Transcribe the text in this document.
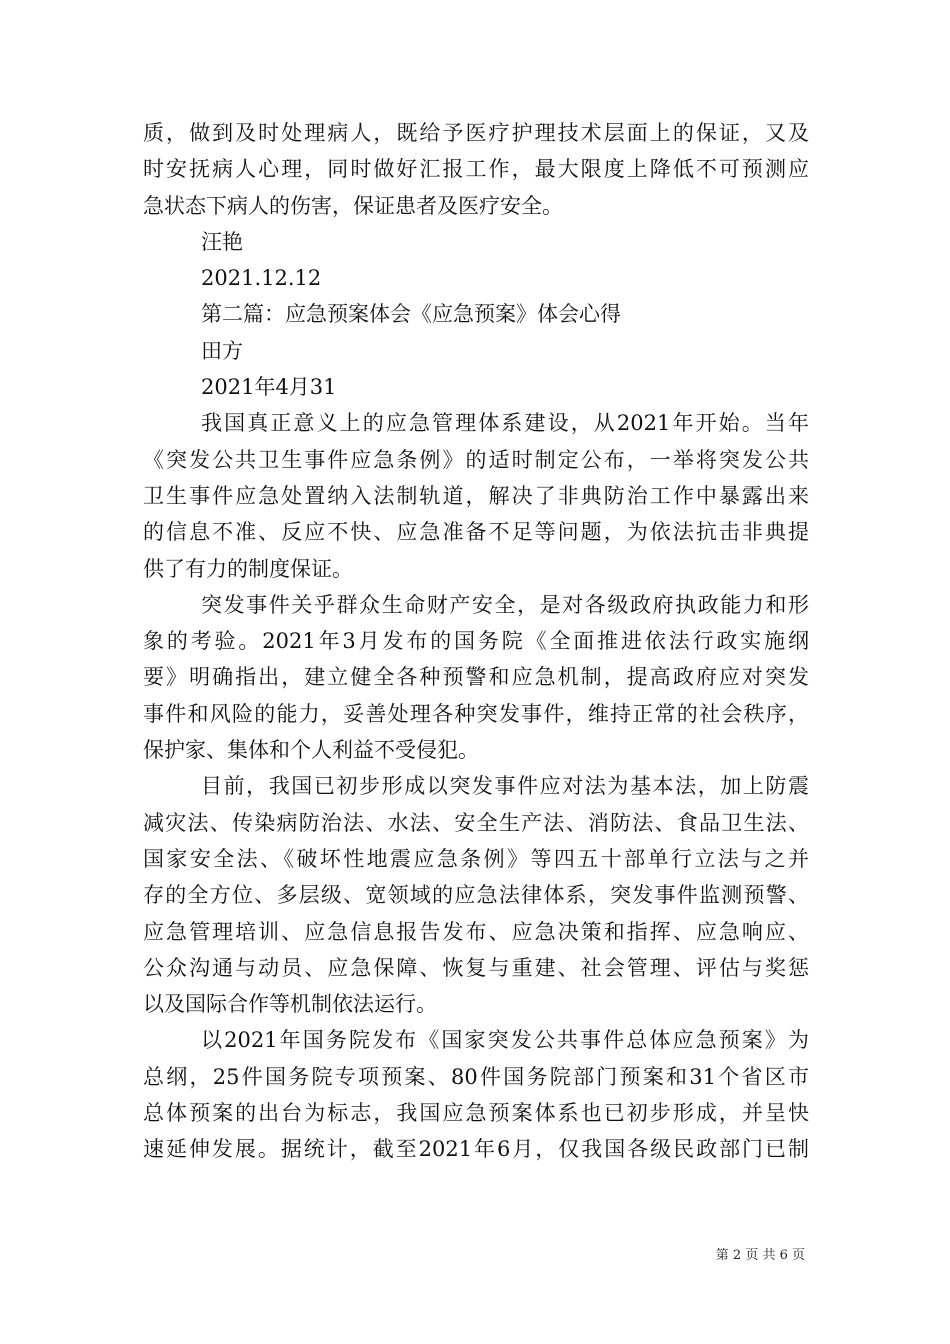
质，做到及时处理病人，既给予医疗护理技术层面上的保证，又及
时安抚病人心理，同时做好汇报工作，最大限度上降低不可预测应
急状态下病人的伤害，保证患者及医疗安全。
汪艳
2021.12.12
第二篇：应急预案体会《应急预案》体会心得
田方
2021年4月31
我国真正意义上的应急管理体系建设，从2021年开始。当年
《突发公共卫生事件应急条例》的适时制定公布，一举将突发公共
卫生事件应急处置纳入法制轨道，解决了非典防治工作中暴露出来
的信息不准、反应不快、应急准备不足等问题，为依法抗击非典提
供了有力的制度保证。
突发事件关乎群众生命财产安全，是对各级政府执政能力和形
象的考验。2021年3月发布的国务院《全面推进依法行政实施纲
要》明确指出，建立健全各种预警和应急机制，提高政府应对突发
事件和风险的能力，妥善处理各种突发事件，维持正常的社会秩序，
保护家、集体和个人利益不受侵犯。
目前，我国已初步形成以突发事件应对法为基本法，加上防震
减灾法、传染病防治法、水法、安全生产法、消防法、食品卫生法、
国家安全法、《破坏性地震应急条例》等四五十部单行立法与之并
存的全方位、多层级、宽领域的应急法律体系，突发事件监测预警、
应急管理培训、应急信息报告发布、应急决策和指挥、应急响应、
公众沟通与动员、应急保障、恢复与重建、社会管理、评估与奖惩
以及国际合作等机制依法运行。
以2021年国务院发布《国家突发公共事件总体应急预案》为
总纲，25件国务院专项预案、80件国务院部门预案和31个省区市
总体预案的出台为标志，我国应急预案体系也已初步形成，并呈快
速延伸发展。据统计，截至2021年6月，仅我国各级民政部门已制
第 2 页 共 6 页
